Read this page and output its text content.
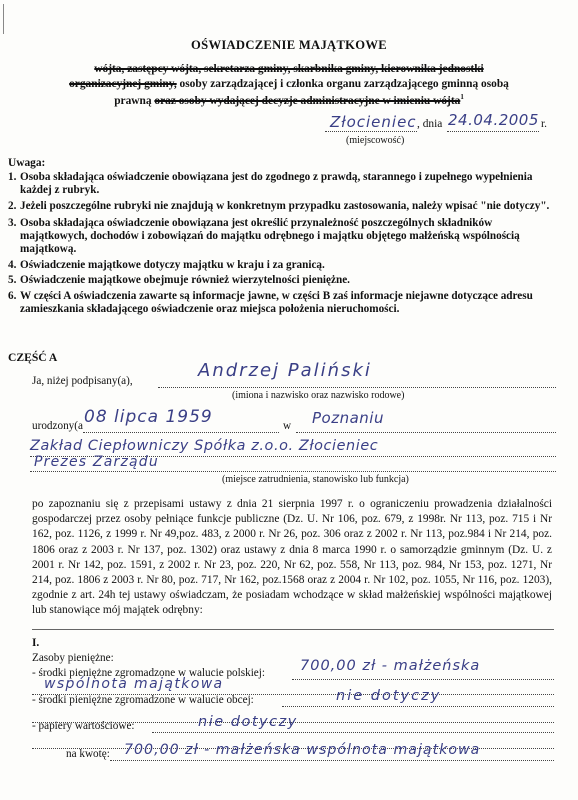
OŚWIADCZENIE MAJĄTKOWE
wójta, zastępcy wójta, sekretarza gminy, skarbnika gminy, kierownika jednostki
organizacyjnej gminy, osoby zarządzającej i członka organu zarządzającego gminną osobą
prawną oraz osoby wydającej decyzje administracyjne w imieniu wójta$^1$
Złocieniec , dnia 24.04.2005 r.
(miejscowość)
Uwaga:
1. Osoba składająca oświadczenie obowiązana jest do zgodnego z prawdą, starannego i zupełnego wypełnienia każdej z rubryk.
2. Jeżeli poszczególne rubryki nie znajdują w konkretnym przypadku zastosowania, należy wpisać "nie dotyczy".
3. Osoba składająca oświadczenie obowiązana jest określić przynależność poszczególnych składników majątkowych, dochodów i zobowiązań do majątku odrębnego i majątku objętego małżeńską wspólnością majątkową.
4. Oświadczenie majątkowe dotyczy majątku w kraju i za granicą.
5. Oświadczenie majątkowe obejmuje również wierzytelności pieniężne.
6. W części A oświadczenia zawarte są informacje jawne, w części B zaś informacje niejawne dotyczące adresu zamieszkania składającego oświadczenie oraz miejsca położenia nieruchomości.
CZĘŚĆ A
Ja, niżej podpisany(a),	Andrzej Paliński
(imiona i nazwisko oraz nazwisko rodowe)
urodzony(a 08 lipca 1959	w Poznaniu
Zakład Ciepłowniczy Spółka z.o.o. Złocieniec
Prezes Zarządu
(miejsce zatrudnienia, stanowisko lub funkcja)
po zapoznaniu się z przepisami ustawy z dnia 21 sierpnia 1997 r. o ograniczeniu prowadzenia działalności gospodarczej przez osoby pełniące funkcje publiczne (Dz. U. Nr 106, poz. 679, z 1998r. Nr 113, poz. 715 i Nr 162, poz. 1126, z 1999 r. Nr 49,poz. 483, z 2000 r. Nr 26, poz. 306 oraz z 2002 r. Nr 113, poz.984 i Nr 214, poz. 1806 oraz z 2003 r. Nr 137, poz. 1302) oraz ustawy z dnia 8 marca 1990 r. o samorządzie gminnym (Dz. U. z 2001 r. Nr 142, poz. 1591, z 2002 r. Nr 23, poz. 220, Nr 62, poz. 558, Nr 113, poz. 984, Nr 153, poz. 1271, Nr 214, poz. 1806 z 2003 r. Nr 80, poz. 717, Nr 162, poz.1568 oraz z 2004 r. Nr 102, poz. 1055, Nr 116, poz. 1203), zgodnie z art. 24h tej ustawy oświadczam, że posiadam wchodzące w skład małżeńskiej wspólności majątkowej lub stanowiące mój majątek odrębny:
I.
Zasoby pieniężne:
- środki pieniężne zgromadzone w walucie polskiej: 700,00 zł - małżeńska
wspólnota majątkowa
- środki pieniężne zgromadzone w walucie obcej:	nie dotyczy
- papiery wartościowe:	nie dotyczy
na kwotę: 700,00 zł - małżeńska wspólnota majątkowa
